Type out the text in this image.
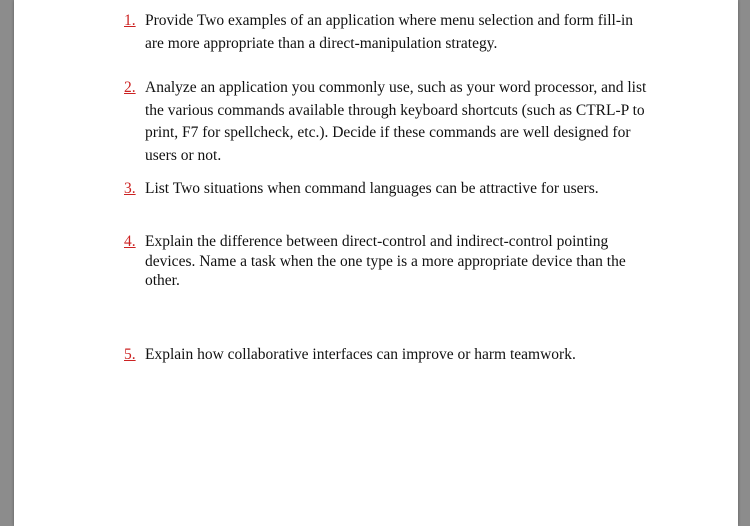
1. Provide Two examples of an application where menu selection and form fill-in are more appropriate than a direct-manipulation strategy.
2. Analyze an application you commonly use, such as your word processor, and list the various commands available through keyboard shortcuts (such as CTRL-P to print, F7 for spellcheck, etc.). Decide if these commands are well designed for users or not.
3. List Two situations when command languages can be attractive for users.
4. Explain the difference between direct-control and indirect-control pointing devices. Name a task when the one type is a more appropriate device than the other.
5. Explain how collaborative interfaces can improve or harm teamwork.
